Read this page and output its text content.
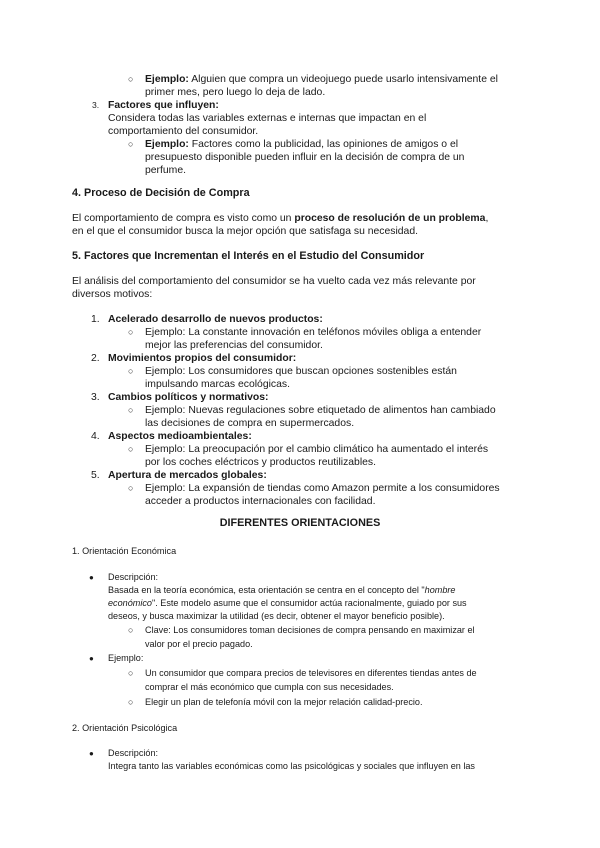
○ Ejemplo: Alguien que compra un videojuego puede usarlo intensivamente el
primer mes, pero luego lo deja de lado.
3. Factores que influyen:
Considera todas las variables externas e internas que impactan en el
comportamiento del consumidor.
○ Ejemplo: Factores como la publicidad, las opiniones de amigos o el
presupuesto disponible pueden influir en la decisión de compra de un
perfume.
4. Proceso de Decisión de Compra
El comportamiento de compra es visto como un proceso de resolución de un problema,
en el que el consumidor busca la mejor opción que satisfaga su necesidad.
5. Factores que Incrementan el Interés en el Estudio del Consumidor
El análisis del comportamiento del consumidor se ha vuelto cada vez más relevante por
diversos motivos:
1. Acelerado desarrollo de nuevos productos:
○ Ejemplo: La constante innovación en teléfonos móviles obliga a entender
mejor las preferencias del consumidor.
2. Movimientos propios del consumidor:
○ Ejemplo: Los consumidores que buscan opciones sostenibles están
impulsando marcas ecológicas.
3. Cambios políticos y normativos:
○ Ejemplo: Nuevas regulaciones sobre etiquetado de alimentos han cambiado
las decisiones de compra en supermercados.
4. Aspectos medioambientales:
○ Ejemplo: La preocupación por el cambio climático ha aumentado el interés
por los coches eléctricos y productos reutilizables.
5. Apertura de mercados globales:
○ Ejemplo: La expansión de tiendas como Amazon permite a los consumidores
acceder a productos internacionales con facilidad.
DIFERENTES ORIENTACIONES
1. Orientación Económica
● Descripción:
Basada en la teoría económica, esta orientación se centra en el concepto del "hombre
económico". Este modelo asume que el consumidor actúa racionalmente, guiado por sus
deseos, y busca maximizar la utilidad (es decir, obtener el mayor beneficio posible).
○ Clave: Los consumidores toman decisiones de compra pensando en maximizar el
valor por el precio pagado.
● Ejemplo:
○ Un consumidor que compara precios de televisores en diferentes tiendas antes de
comprar el más económico que cumpla con sus necesidades.
○ Elegir un plan de telefonía móvil con la mejor relación calidad-precio.
2. Orientación Psicológica
● Descripción:
Integra tanto las variables económicas como las psicológicas y sociales que influyen en las
